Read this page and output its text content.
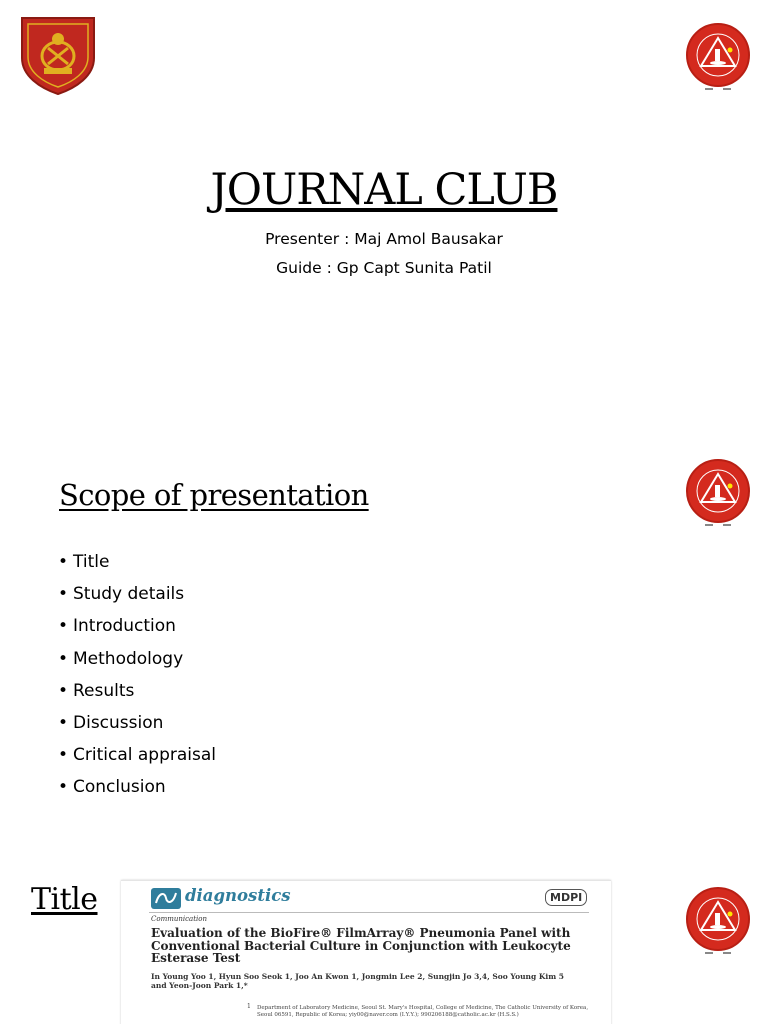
JOURNAL CLUB
Presenter : Maj Amol Bausakar
Guide : Gp Capt Sunita Patil
Scope of presentation
• Title
• Study details
• Introduction
• Methodology
• Results
• Discussion
• Critical appraisal
• Conclusion
Title	diagnostics	MDPI
Communication
Evaluation of the BioFire® FilmArray® Pneumonia Panel with Conventional Bacterial Culture in Conjunction with Leukocyte Esterase Test
In Young Yoo 1, Hyun Soo Seok 1, Joo An Kwon 1, Jongmin Lee 2, Sungjin Jo 3,4, Soo Young Kim 5 and Yeon-Joon Park 1,*
1 Department of Laboratory Medicine, Seoul St. Mary's Hospital, College of Medicine, The Catholic University of Korea, Seoul 06591, Republic of Korea; yiy00@naver.com (I.Y.Y.); 990206188@catholic.ac.kr (H.S.S.)
